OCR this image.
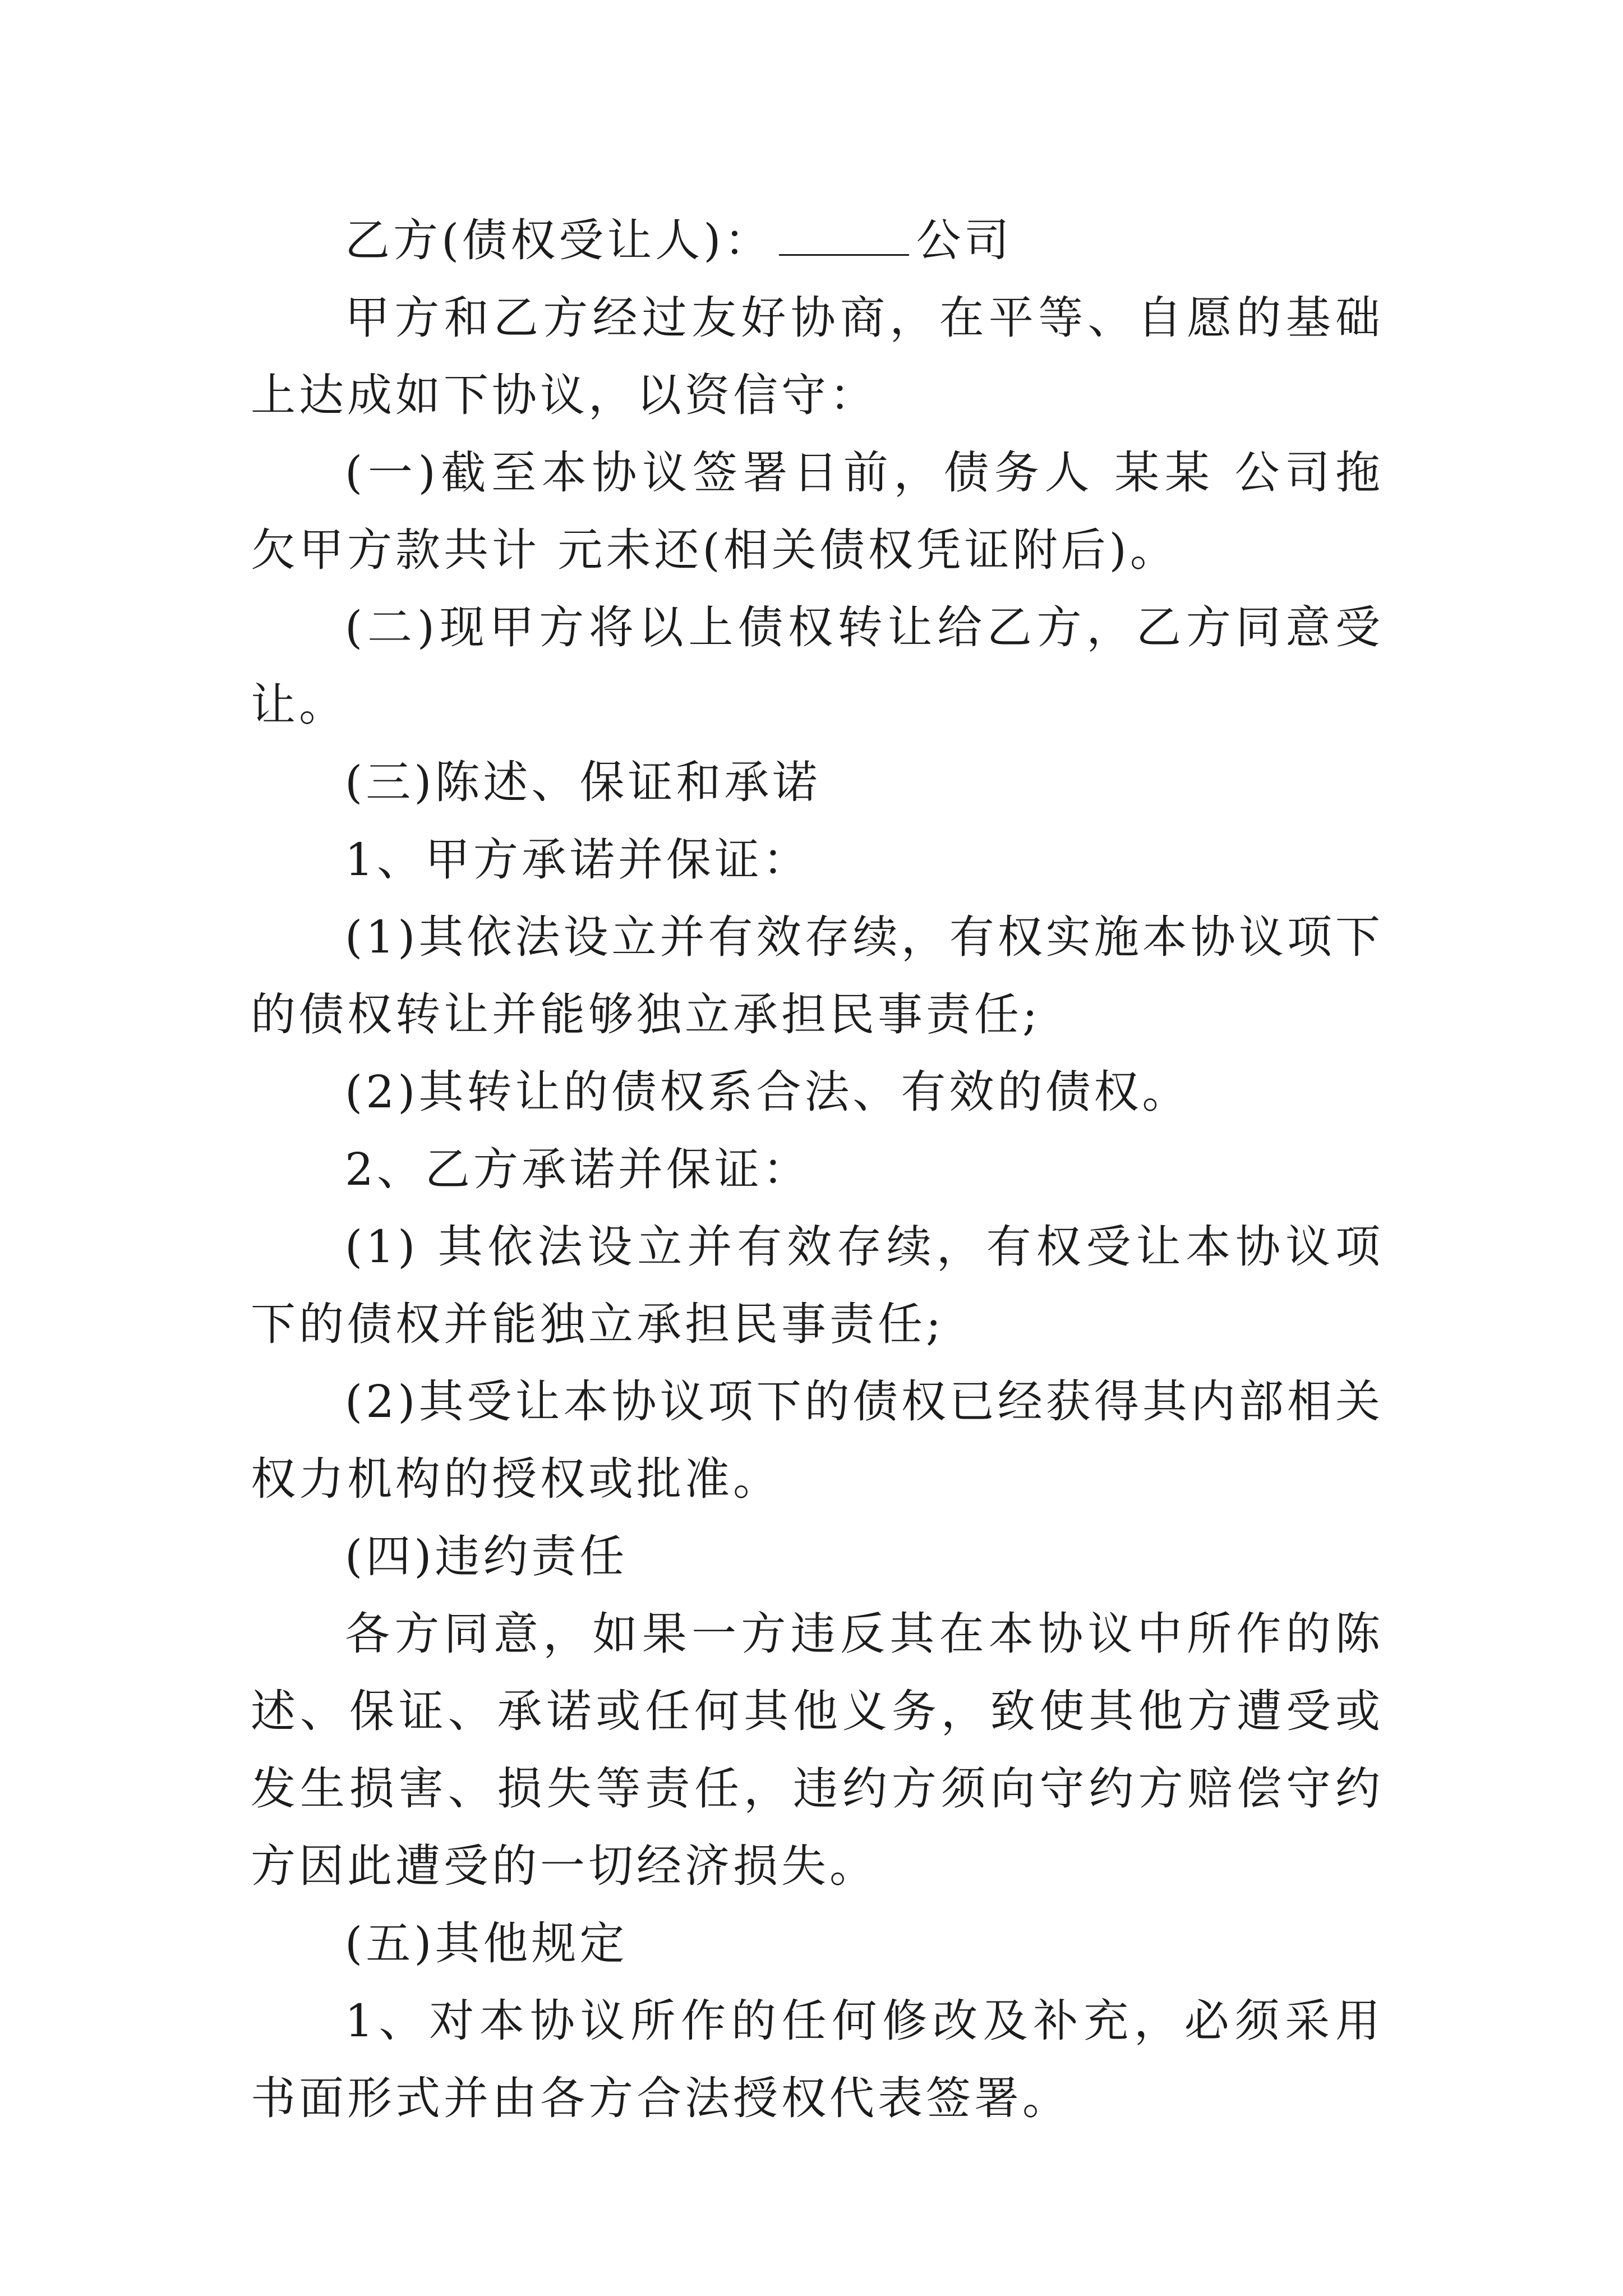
乙方(债权受让人)：	公司

甲方和乙方经过友好协商，在平等、自愿的基础上达成如下协议，以资信守：

(一)截至本协议签署日前，债务人 某某 公司拖欠甲方款共计 元未还(相关债权凭证附后)。

(二)现甲方将以上债权转让给乙方，乙方同意受让。

(三)陈述、保证和承诺

1、甲方承诺并保证：

(1)其依法设立并有效存续，有权实施本协议项下的债权转让并能够独立承担民事责任;

(2)其转让的债权系合法、有效的债权。

2、乙方承诺并保证：

(1) 其依法设立并有效存续，有权受让本协议项下的债权并能独立承担民事责任;

(2)其受让本协议项下的债权已经获得其内部相关权力机构的授权或批准。

(四)违约责任

各方同意，如果一方违反其在本协议中所作的陈述、保证、承诺或任何其他义务，致使其他方遭受或发生损害、损失等责任，违约方须向守约方赔偿守约方因此遭受的一切经济损失。

(五)其他规定

1、对本协议所作的任何修改及补充，必须采用书面形式并由各方合法授权代表签署。
